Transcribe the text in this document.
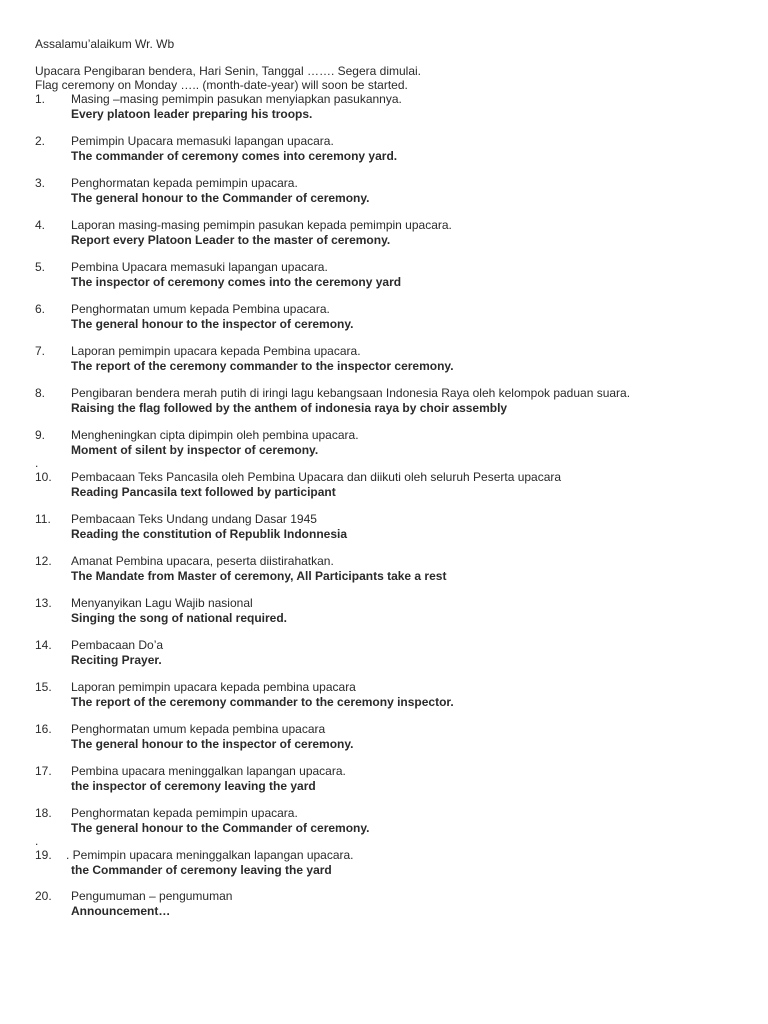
Assalamu’alaikum Wr. Wb
Upacara Pengibaran bendera, Hari Senin, Tanggal ……. Segera dimulai.
Flag ceremony on Monday ….. (month-date-year) will soon be started.
1. Masing –masing pemimpin pasukan menyiapkan pasukannya.
Every platoon leader preparing his troops.
2. Pemimpin Upacara memasuki lapangan upacara.
The commander of ceremony comes into ceremony yard.
3. Penghormatan kepada pemimpin upacara.
The general honour to the Commander of ceremony.
4. Laporan masing-masing pemimpin pasukan kepada pemimpin upacara.
Report every Platoon Leader to the master of ceremony.
5. Pembina Upacara memasuki lapangan upacara.
The inspector of ceremony comes into the ceremony yard
6. Penghormatan umum kepada Pembina upacara.
The general honour to the inspector of ceremony.
7. Laporan pemimpin upacara kepada Pembina upacara.
The report of the ceremony commander to the inspector ceremony.
8. Pengibaran bendera merah putih di iringi lagu kebangsaan Indonesia Raya oleh kelompok paduan suara.
Raising the flag followed by the anthem of indonesia raya by choir assembly
9. Mengheningkan cipta dipimpin oleh pembina upacara.
Moment of silent by inspector of ceremony.
.
10. Pembacaan Teks Pancasila oleh Pembina Upacara dan diikuti oleh seluruh Peserta upacara
Reading Pancasila text followed by participant
11. Pembacaan Teks Undang undang Dasar 1945
Reading the constitution of Republik Indonnesia
12. Amanat Pembina upacara, peserta diistirahatkan.
The Mandate from Master of ceremony, All Participants take a rest
13. Menyanyikan Lagu Wajib nasional
Singing the song of national required.
14. Pembacaan Do’a
Reciting Prayer.
15. Laporan pemimpin upacara kepada pembina upacara
The report of the ceremony commander to the ceremony inspector.
16. Penghormatan umum kepada pembina upacara
The general honour to the inspector of ceremony.
17. Pembina upacara meninggalkan lapangan upacara.
the inspector of ceremony leaving the yard
18. Penghormatan kepada pemimpin upacara.
The general honour to the Commander of ceremony.
.
19. . Pemimpin upacara meninggalkan lapangan upacara.
the Commander of ceremony leaving the yard
20. Pengumuman – pengumuman
Announcement…
